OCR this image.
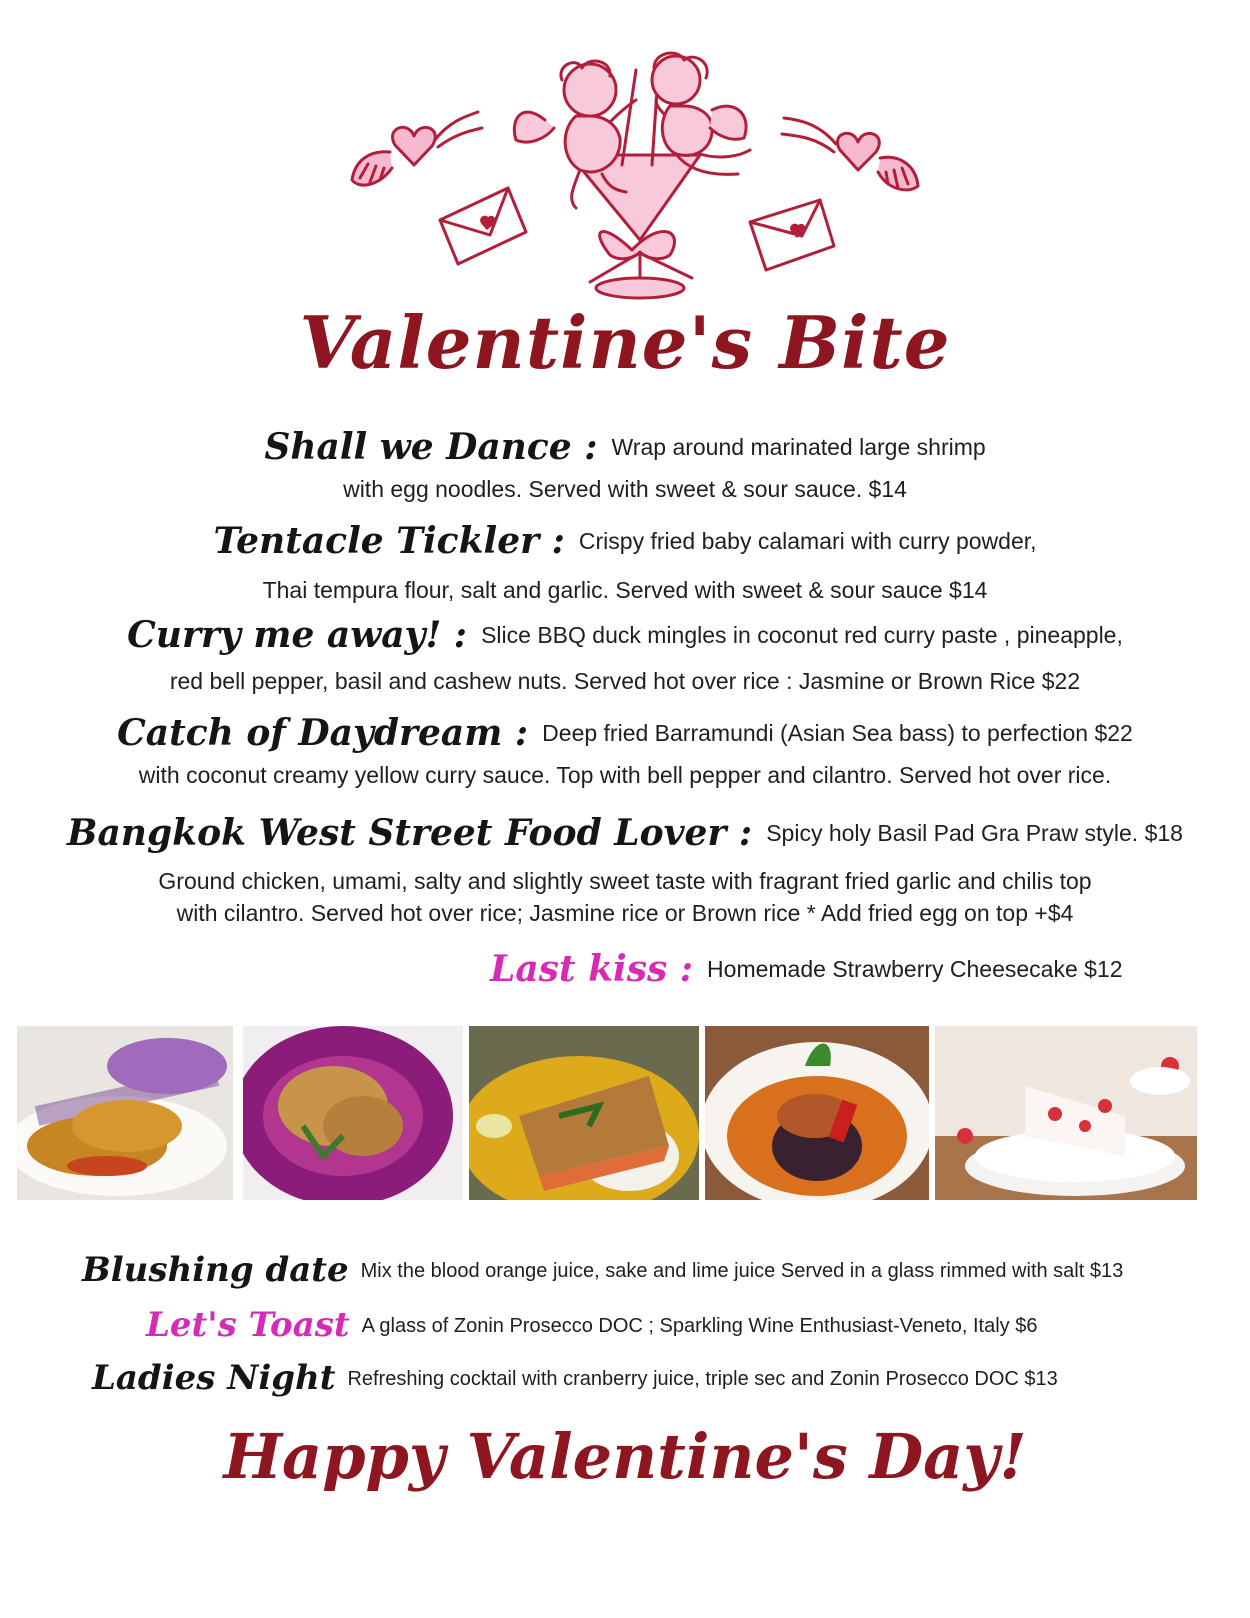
Valentine's Bite
Shall we Dance : Wrap around marinated large shrimp
with egg noodles. Served with sweet & sour sauce. $14
Tentacle Tickler : Crispy fried baby calamari with curry powder,
Thai tempura flour, salt and garlic. Served with sweet & sour sauce $14
Curry me away! : Slice BBQ duck mingles in coconut red curry paste , pineapple,
red bell pepper, basil and cashew nuts. Served hot over rice : Jasmine or Brown Rice $22
Catch of Daydream : Deep fried Barramundi (Asian Sea bass) to perfection $22
with coconut creamy yellow curry sauce. Top with bell pepper and cilantro. Served hot over rice.
Bangkok West Street Food Lover : Spicy holy Basil Pad Gra Praw style. $18
Ground chicken, umami, salty and slightly sweet taste with fragrant fried garlic and chilis top
with cilantro. Served hot over rice; Jasmine rice or Brown rice * Add fried egg on top +$4
Last kiss : Homemade Strawberry Cheesecake $12
Blushing date Mix the blood orange juice, sake and lime juice Served in a glass rimmed with salt $13
Let's Toast A glass of Zonin Prosecco DOC ; Sparkling Wine Enthusiast-Veneto, Italy $6
Ladies Night Refreshing cocktail with cranberry juice, triple sec and Zonin Prosecco DOC $13
Happy Valentine's Day!
